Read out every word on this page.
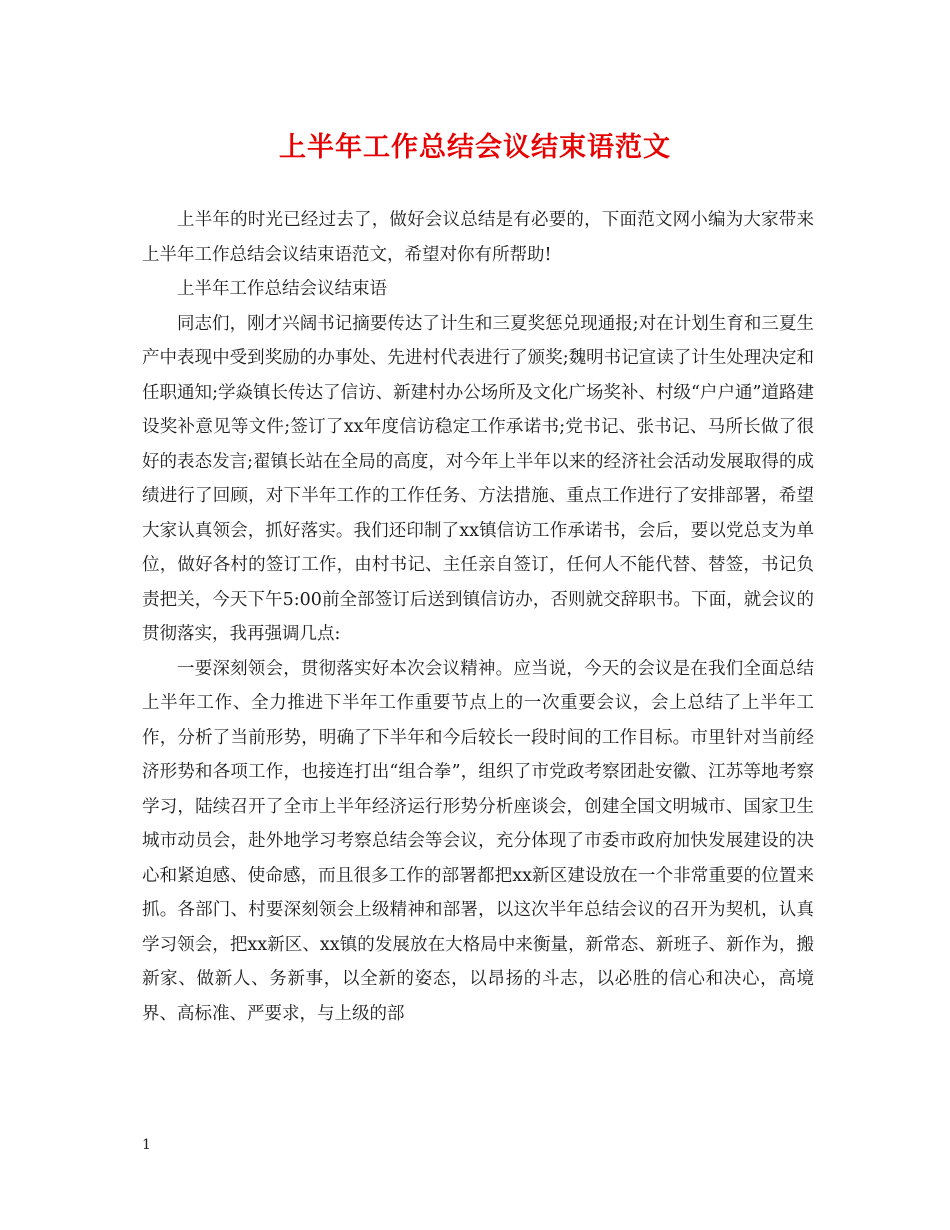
上半年工作总结会议结束语范文

上半年的时光已经过去了，做好会议总结是有必要的，下面范文网小编为大家带来上半年工作总结会议结束语范文，希望对你有所帮助!

上半年工作总结会议结束语

同志们，刚才兴阔书记摘要传达了计生和三夏奖惩兑现通报;对在计划生育和三夏生产中表现中受到奖励的办事处、先进村代表进行了颁奖;魏明书记宣读了计生处理决定和任职通知;学焱镇长传达了信访、新建村办公场所及文化广场奖补、村级“户户通”道路建设奖补意见等文件;签订了xx年度信访稳定工作承诺书;党书记、张书记、马所长做了很好的表态发言;翟镇长站在全局的高度，对今年上半年以来的经济社会活动发展取得的成绩进行了回顾，对下半年工作的工作任务、方法措施、重点工作进行了安排部署，希望大家认真领会，抓好落实。我们还印制了xx镇信访工作承诺书，会后，要以党总支为单位，做好各村的签订工作，由村书记、主任亲自签订，任何人不能代替、替签，书记负责把关，今天下午5:00前全部签订后送到镇信访办，否则就交辞职书。下面，就会议的贯彻落实，我再强调几点:

一要深刻领会，贯彻落实好本次会议精神。应当说，今天的会议是在我们全面总结上半年工作、全力推进下半年工作重要节点上的一次重要会议，会上总结了上半年工作，分析了当前形势，明确了下半年和今后较长一段时间的工作目标。市里针对当前经济形势和各项工作，也接连打出“组合拳”，组织了市党政考察团赴安徽、江苏等地考察学习，陆续召开了全市上半年经济运行形势分析座谈会，创建全国文明城市、国家卫生城市动员会，赴外地学习考察总结会等会议，充分体现了市委市政府加快发展建设的决心和紧迫感、使命感，而且很多工作的部署都把xx新区建设放在一个非常重要的位置来抓。各部门、村要深刻领会上级精神和部署，以这次半年总结会议的召开为契机，认真学习领会，把xx新区、xx镇的发展放在大格局中来衡量，新常态、新班子、新作为，搬新家、做新人、务新事，以全新的姿态，以昂扬的斗志，以必胜的信心和决心，高境界、高标准、严要求，与上级的部

1
